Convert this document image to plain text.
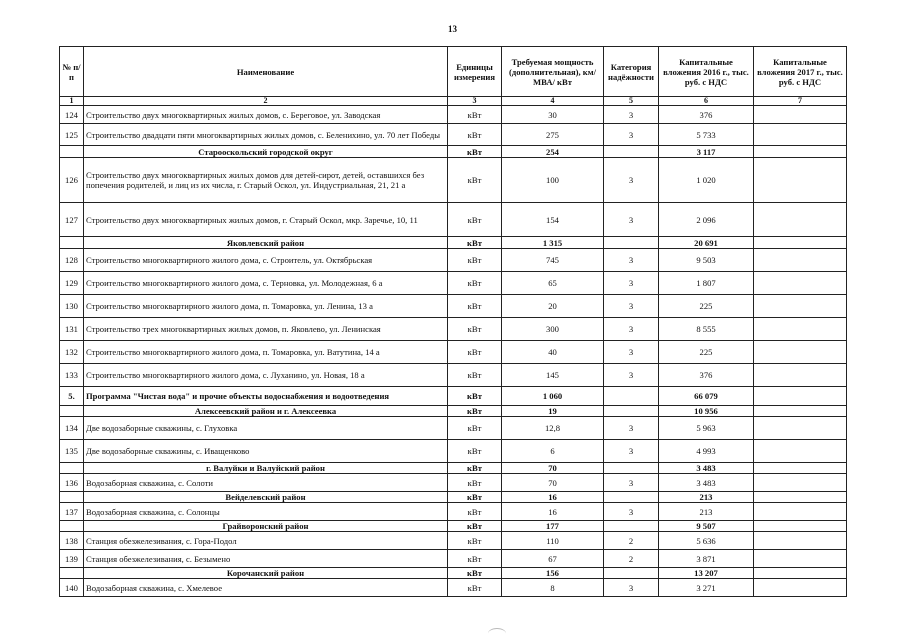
13
№ п/п	Наименование	Единицы измерения	Требуемая мощность (дополнительная), км/ МВА/ кВт	Категория надёжности	Капитальные вложения 2016 г., тыс. руб. с НДС	Капитальные вложения 2017 г., тыс. руб. с НДС
1	2	3	4	5	6	7
124	Строительство двух многоквартирных жилых домов, с. Береговое, ул. Заводская	кВт	30	3	376	
125	Строительство двадцати пяти многоквартирных жилых домов, с. Беленихино, ул. 70 лет Победы	кВт	275	3	5 733	
	Старооскольский городской округ	кВт	254		3 117	
126	Строительство двух многоквартирных жилых домов для детей-сирот, детей, оставшихся без попечения родителей, и лиц из их числа, г. Старый Оскол, ул. Индустриальная, 21, 21 а	кВт	100	3	1 020	
127	Строительство двух многоквартирных жилых домов, г. Старый Оскол, мкр. Заречье, 10, 11	кВт	154	3	2 096	
	Яковлевский район	кВт	1 315		20 691	
128	Строительство многоквартирного жилого дома, с. Строитель, ул. Октябрьская	кВт	745	3	9 503	
129	Строительство многоквартирного жилого дома, с. Терновка, ул. Молодежная, 6 а	кВт	65	3	1 807	
130	Строительство многоквартирного жилого дома, п. Томаровка, ул. Ленина, 13 а	кВт	20	3	225	
131	Строительство трех многоквартирных жилых домов, п. Яковлево, ул. Ленинская	кВт	300	3	8 555	
132	Строительство многоквартирного жилого дома, п. Томаровка, ул. Ватутина, 14 а	кВт	40	3	225	
133	Строительство многоквартирного жилого дома, с. Луханино, ул. Новая, 18 а	кВт	145	3	376	
5.	Программа "Чистая вода" и прочие объекты водоснабжения и водоотведения	кВт	1 060		66 079	
	Алексеевский район и г. Алексеевка	кВт	19		10 956	
134	Две водозаборные скважины, с. Глуховка	кВт	12,8	3	5 963	
135	Две водозаборные скважины, с. Иващенково	кВт	6	3	4 993	
	г. Валуйки и Валуйский район	кВт	70		3 483	
136	Водозаборная скважина, с. Солоти	кВт	70	3	3 483	
	Вейделевский район	кВт	16		213	
137	Водозаборная скважина, с. Солонцы	кВт	16	3	213	
	Грайворонский район	кВт	177		9 507	
138	Станция обезжелезивания, с. Гора-Подол	кВт	110	2	5 636	
139	Станция обезжелезивания, с. Безымено	кВт	67	2	3 871	
	Корочанский район	кВт	156		13 207	
140	Водозаборная скважина, с. Хмелевое	кВт	8	3	3 271	
